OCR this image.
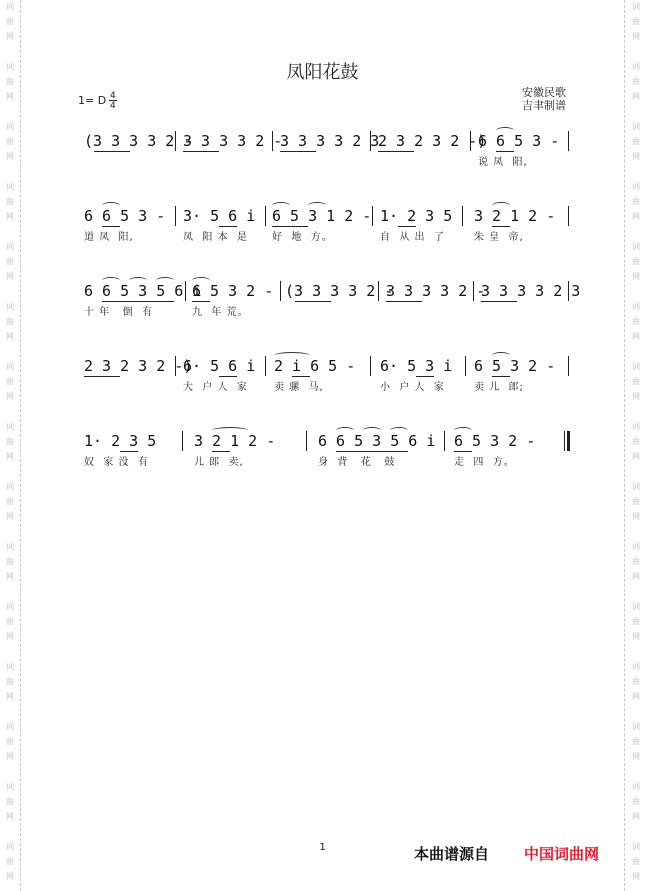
词
曲
网
词
曲
网
词
曲
网
词
曲
网
词
曲
网
词
曲
网
词
曲
网
词
曲
网
词
曲
网
词
曲
网
词
曲
网
词
曲
网
词
曲
网
词
曲
网
词
曲
网
词
曲
网
词
曲
网
词
曲
网
词
曲
网
词
曲
网
词
曲
网
词
曲
网
词
曲
网
词
曲
网
词
曲
网
词
曲
网
词
曲
网
词
曲
网
词
曲
网
词
曲
网
凤阳花鼓
1= D 4
4
安徽民歌
吉聿制谱
(3 3 3 3 2 -
3 3 3 3 2 -
3 3 3 3 2 3
2 3 2 3 2 -)
6 6 5 3 -
说 凤  阳,
6 6 5 3 -
道 凤  阳,
3· 5 6 i
凤  阳 本  是
6 5 3 1 2 -
好  地  方。
1· 2 3 5
自  从 出  了
3 2 1 2 -
朱 皇  帝,
6 6 5 3 5 6 i
十 年   倒  有
6 5 3 2 -
九  年 荒。
(3 3 3 3 2 -
3 3 3 3 2 -
3 3 3 3 2 3
2 3 2 3 2 -)
6· 5 6 i
大  户 人  家
2 i 6 5 -
卖 骡  马,
6· 5 3 i
小  户 人  家
6 5 3 2 -
卖 儿  郎;
1· 2 3 5
奴  家 没  有
3 2 1 2 -
儿 郎  卖,
6 6 5 3 5 6 i
身  背   花   鼓
6 5 3 2 -
走  四  方。
1	本曲谱源自 中国词曲网
